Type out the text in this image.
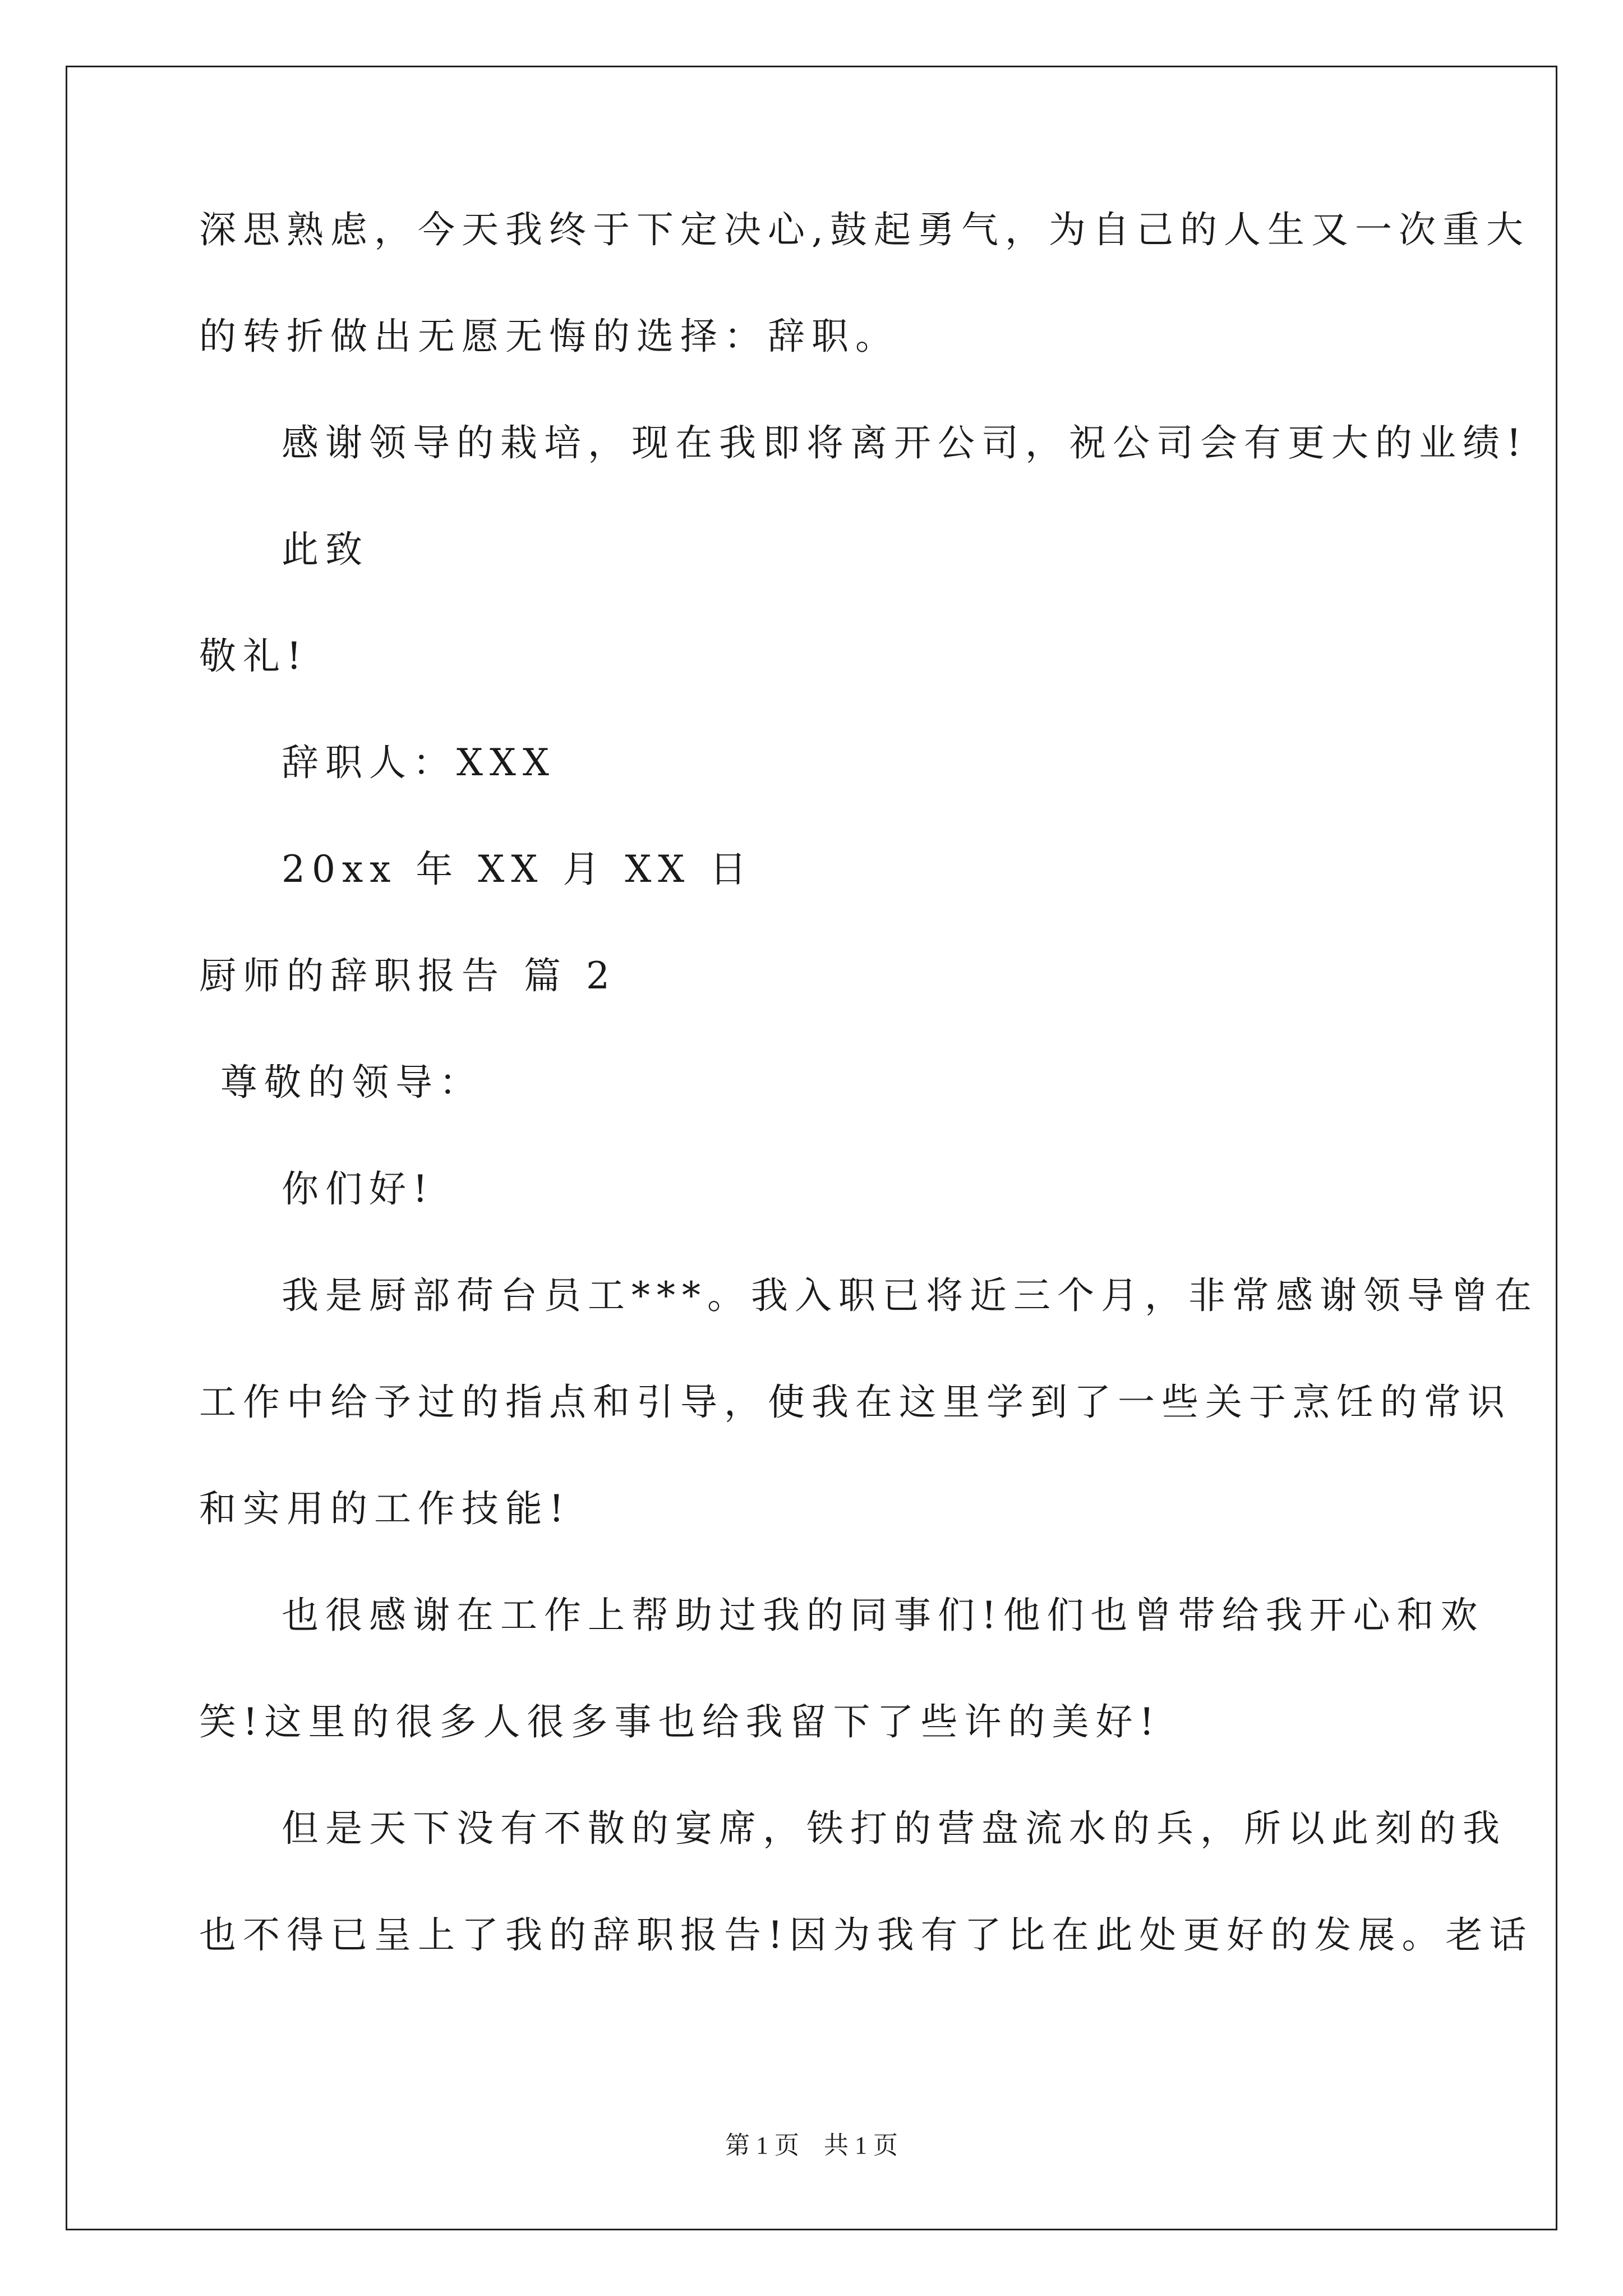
深思熟虑，今天我终于下定决心,鼓起勇气，为自己的人生又一次重大
的转折做出无愿无悔的选择：辞职。
感谢领导的栽培，现在我即将离开公司，祝公司会有更大的业绩!
此致
敬礼!
辞职人：XXX
20xx 年 XX 月 XX 日
厨师的辞职报告 篇 2
尊敬的领导：
你们好!
我是厨部荷台员工***。我入职已将近三个月，非常感谢领导曾在
工作中给予过的指点和引导，使我在这里学到了一些关于烹饪的常识
和实用的工作技能!
也很感谢在工作上帮助过我的同事们!他们也曾带给我开心和欢
笑!这里的很多人很多事也给我留下了些许的美好!
但是天下没有不散的宴席，铁打的营盘流水的兵，所以此刻的我
也不得已呈上了我的辞职报告!因为我有了比在此处更好的发展。老话
第 1 页    共 1 页
